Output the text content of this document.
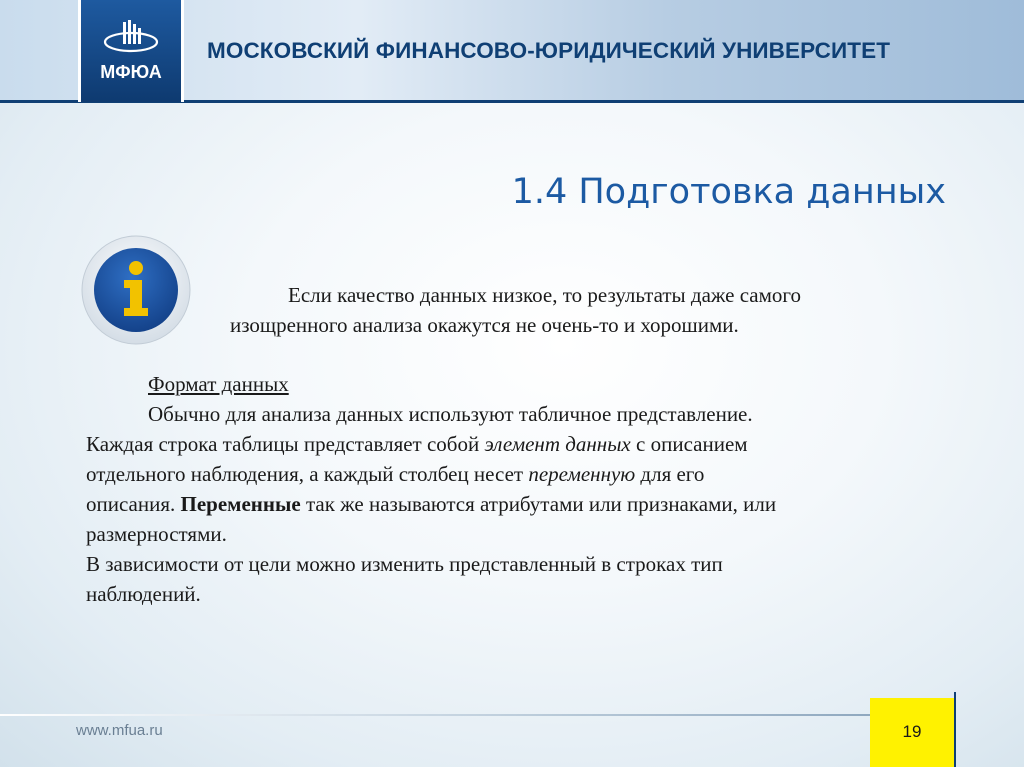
МФЮА
МОСКОВСКИЙ ФИНАНСОВО-ЮРИДИЧЕСКИЙ УНИВЕРСИТЕТ
1.4 Подготовка данных
Если качество данных низкое, то результаты даже самого
изощренного анализа окажутся не очень-то и хорошими.
Формат данных
Обычно для анализа данных используют табличное представление.
Каждая строка таблицы представляет собой элемент данных с описанием
отдельного наблюдения, а каждый столбец несет переменную для его
описания. Переменные так же называются атрибутами или признаками, или
размерностями.
В зависимости от цели можно изменить представленный в строках тип
наблюдений.
www.mfua.ru	19
